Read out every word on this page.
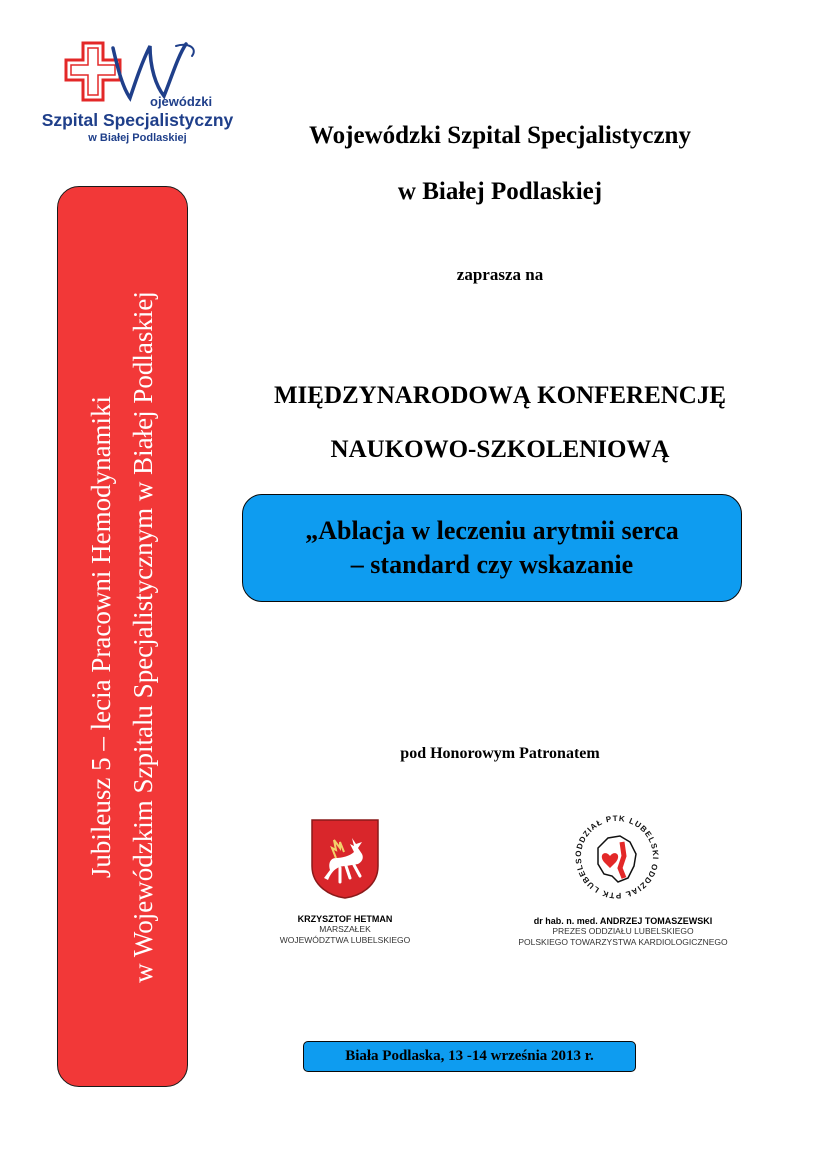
ojewódzki
Szpital Specjalistyczny
w Białej Podlaskiej	Wojewódzki Szpital Specjalistyczny
w Białej Podlaskiej
zaprasza na
MIĘDZYNARODOWĄ KONFERENCJĘ
NAUKOWO-SZKOLENIOWĄ
„Ablacja w leczeniu arytmii serca
– standard czy wskazanie
Jubileusz 5 – lecia Pracowni Hemodynamiki w Wojewódzkim Szpitalu Specjalistycznym w Białej Podlaskiej	pod Honorowym Patronatem
ODDZIAŁ PTK LUBELSKI ODDZIAŁ PTK LUBELS
KRZYSZTOF HETMAN
MARSZAŁEK
WOJEWÓDZTWA LUBELSKIEGO
dr hab. n. med. ANDRZEJ TOMASZEWSKI
PREZES ODDZIAŁU LUBELSKIEGO
POLSKIEGO TOWARZYSTWA KARDIOLOGICZNEGO
Biała Podlaska, 13 -14 września 2013 r.
